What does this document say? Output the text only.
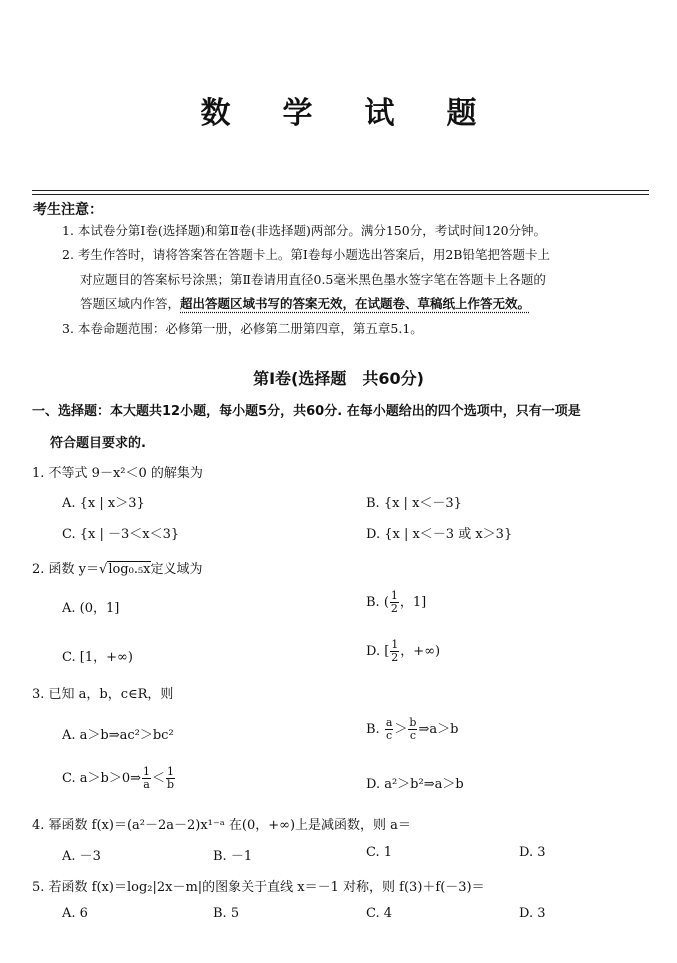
数学试题
考生注意：
1. 本试卷分第Ⅰ卷(选择题)和第Ⅱ卷(非选择题)两部分。满分150分，考试时间120分钟。
2. 考生作答时，请将答案答在答题卡上。第Ⅰ卷每小题选出答案后，用2B铅笔把答题卡上
对应题目的答案标号涂黑；第Ⅱ卷请用直径0.5毫米黑色墨水签字笔在答题卡上各题的
答题区域内作答，超出答题区域书写的答案无效，在试题卷、草稿纸上作答无效。
3. 本卷命题范围：必修第一册，必修第二册第四章，第五章5.1。
第Ⅰ卷(选择题　共60分)
一、选择题：本大题共12小题，每小题5分，共60分. 在每小题给出的四个选项中，只有一项是
符合题目要求的.
1. 不等式 9－x²＜0 的解集为
A. {x | x＞3}	B. {x | x＜－3}
C. {x | －3＜x＜3}	D. {x | x＜－3 或 x＞3}
2. 函数 y＝√log₀.₅x定义域为
A. (0，1]	B. ( $\frac{1}{2}$ ，1]
C. [1，+∞)	D. [ $\frac{1}{2}$ ，+∞)
3. 已知 a，b，c∈R，则
A. a＞b⇒ac²＞bc²	B. $\frac{a}{c} > \frac{b}{c}$ ⇒a＞b
C. a＞b＞0⇒ $\frac{1}{a} < \frac{1}{b}$	D. a²＞b²⇒a＞b
4. 幂函数 f(x)＝(a²－2a－2)x¹⁻ᵃ 在(0，+∞)上是减函数，则 a＝
A. －3	B. －1	C. 1	D. 3
5. 若函数 f(x)＝log₂|2x－m|的图象关于直线 x＝－1 对称，则 f(3)＋f(－3)＝
A. 6	B. 5	C. 4	D. 3
